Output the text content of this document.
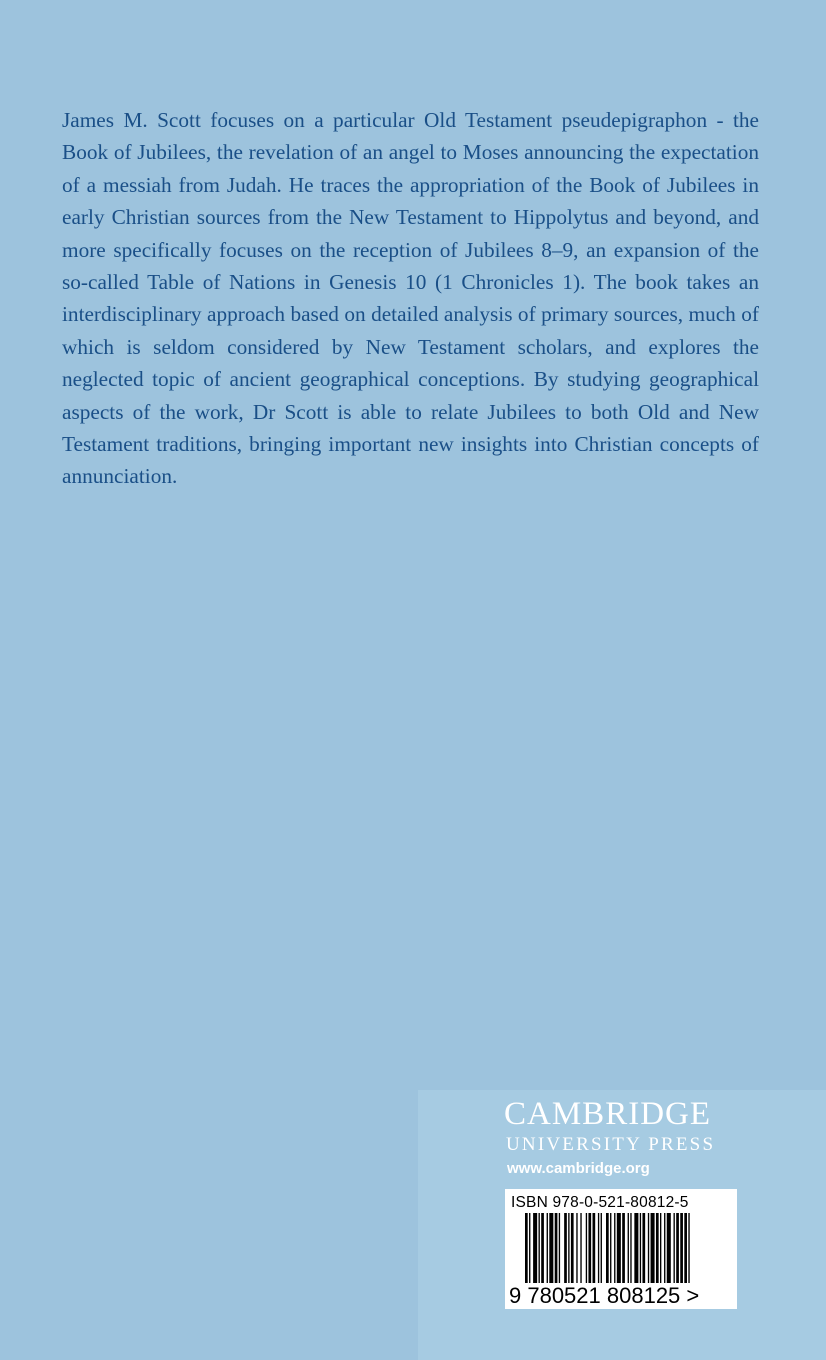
James M. Scott focuses on a particular Old Testament pseudepigraphon - the Book of Jubilees, the revelation of an angel to Moses announcing the expectation of a messiah from Judah. He traces the appropriation of the Book of Jubilees in early Christian sources from the New Testament to Hippolytus and beyond, and more specifically focuses on the reception of Jubilees 8–9, an expansion of the so-called Table of Nations in Genesis 10 (1 Chronicles 1). The book takes an interdisciplinary approach based on detailed analysis of primary sources, much of which is seldom considered by New Testament scholars, and explores the neglected topic of ancient geographical conceptions. By studying geographical aspects of the work, Dr Scott is able to relate Jubilees to both Old and New Testament traditions, bringing important new insights into Christian concepts of annunciation.

CAMBRIDGE

UNIVERSITY PRESS

www.cambridge.org

ISBN 978-0-521-80812-5
9 780521 808125 >
